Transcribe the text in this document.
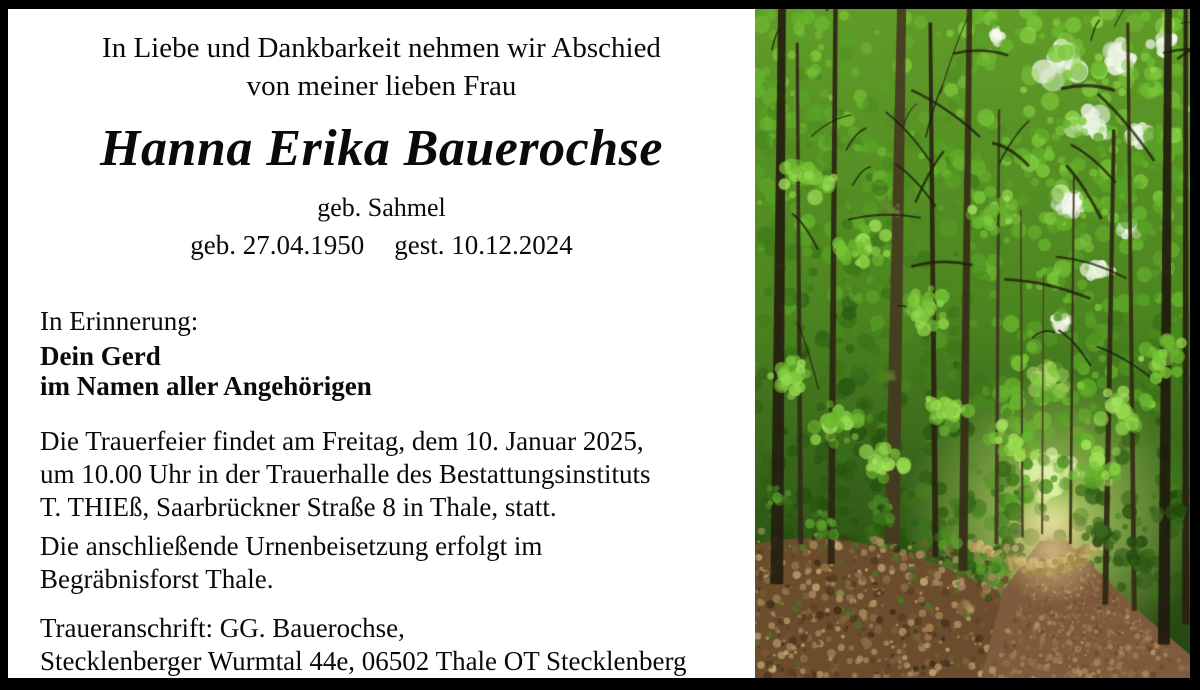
In Liebe und Dankbarkeit nehmen wir Abschied
von meiner lieben Frau
Hanna Erika Bauerochse
geb. Sahmel
geb. 27.04.1950 gest. 10.12.2024
In Erinnerung:
Dein Gerd
im Namen aller Angehörigen
Die Trauerfeier findet am Freitag, dem 10. Januar 2025,
um 10.00 Uhr in der Trauerhalle des Bestattungsinstituts
T. THIEß, Saarbrückner Straße 8 in Thale, statt.
Die anschließende Urnenbeisetzung erfolgt im
Begräbnisforst Thale.
Traueranschrift: GG. Bauerochse,
Stecklenberger Wurmtal 44e, 06502 Thale OT Stecklenberg
